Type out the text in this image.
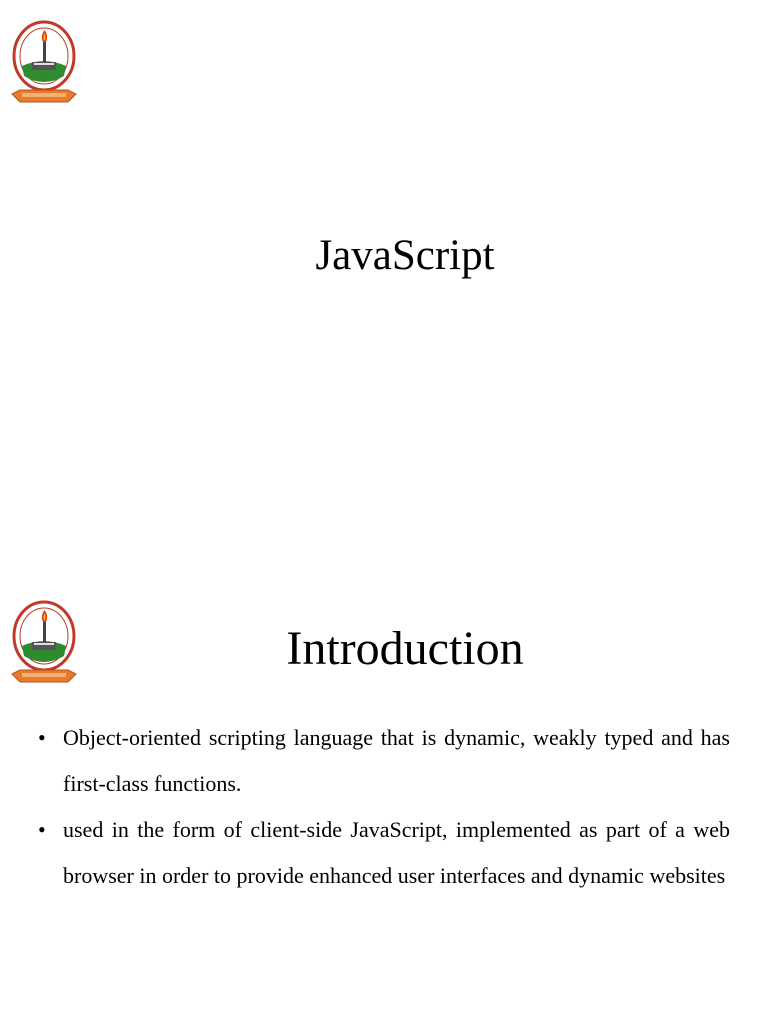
JavaScript
Introduction
• Object-oriented scripting language that is dynamic, weakly typed and has first-class functions.
• used in the form of client-side JavaScript, implemented as part of a web browser in order to provide enhanced user interfaces and dynamic websites
